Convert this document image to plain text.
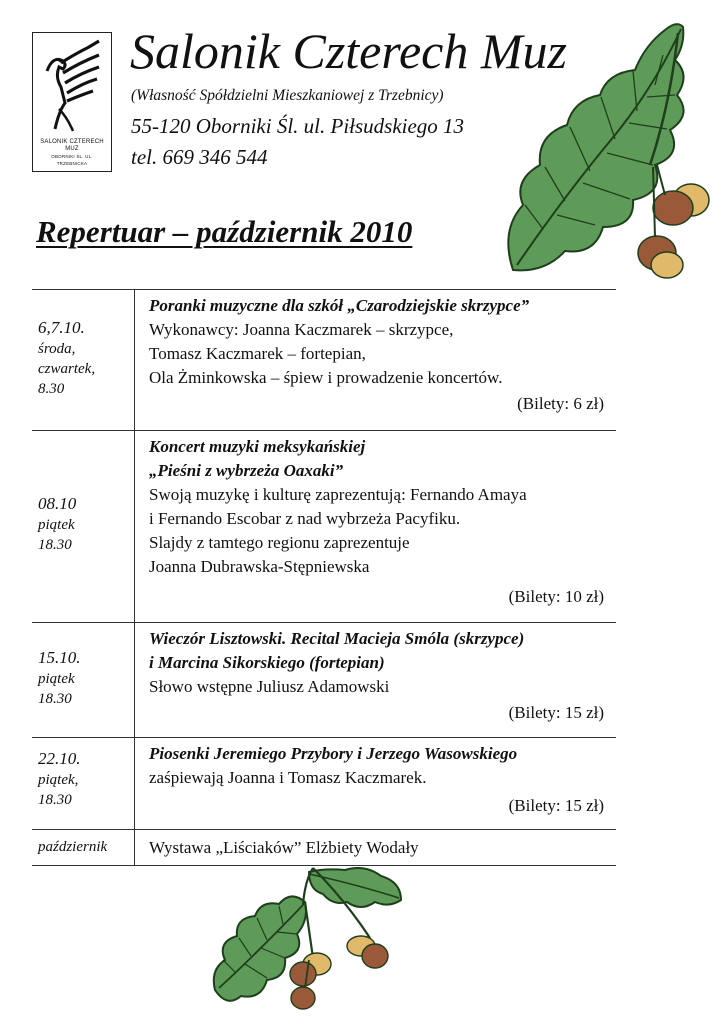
SALONIK CZTERECH MUZ
OBORNIKI ŚL. UL. TRZEBNICKA
Salonik Czterech Muz
(Własność Spółdzielni Mieszkaniowej z Trzebnicy)
55-120 Oborniki Śl. ul. Piłsudskiego 13
tel. 669 346 544
Repertuar – październik 2010
6,7.10.
środa,
czwartek,
8.30
Poranki muzyczne dla szkół „Czarodziejskie skrzypce”
Wykonawcy: Joanna Kaczmarek – skrzypce,
Tomasz Kaczmarek – fortepian,
Ola Żminkowska – śpiew i prowadzenie koncertów.
(Bilety: 6 zł)
08.10
piątek
18.30
Koncert muzyki meksykańskiej
„Pieśni z wybrzeża Oaxaki”
Swoją muzykę i kulturę zaprezentują: Fernando Amaya
i Fernando Escobar z nad wybrzeża Pacyfiku.
Slajdy z tamtego regionu zaprezentuje
Joanna Dubrawska-Stępniewska
(Bilety: 10 zł)
15.10.
piątek
18.30
Wieczór Lisztowski. Recital Macieja Smóla (skrzypce)
i Marcina Sikorskiego (fortepian)
Słowo wstępne Juliusz Adamowski
(Bilety: 15 zł)
22.10.
piątek,
18.30
Piosenki Jeremiego Przybory i Jerzego Wasowskiego
zaśpiewają Joanna i Tomasz Kaczmarek.
(Bilety: 15 zł)
październik	Wystawa „Liściaków” Elżbiety Wodały
